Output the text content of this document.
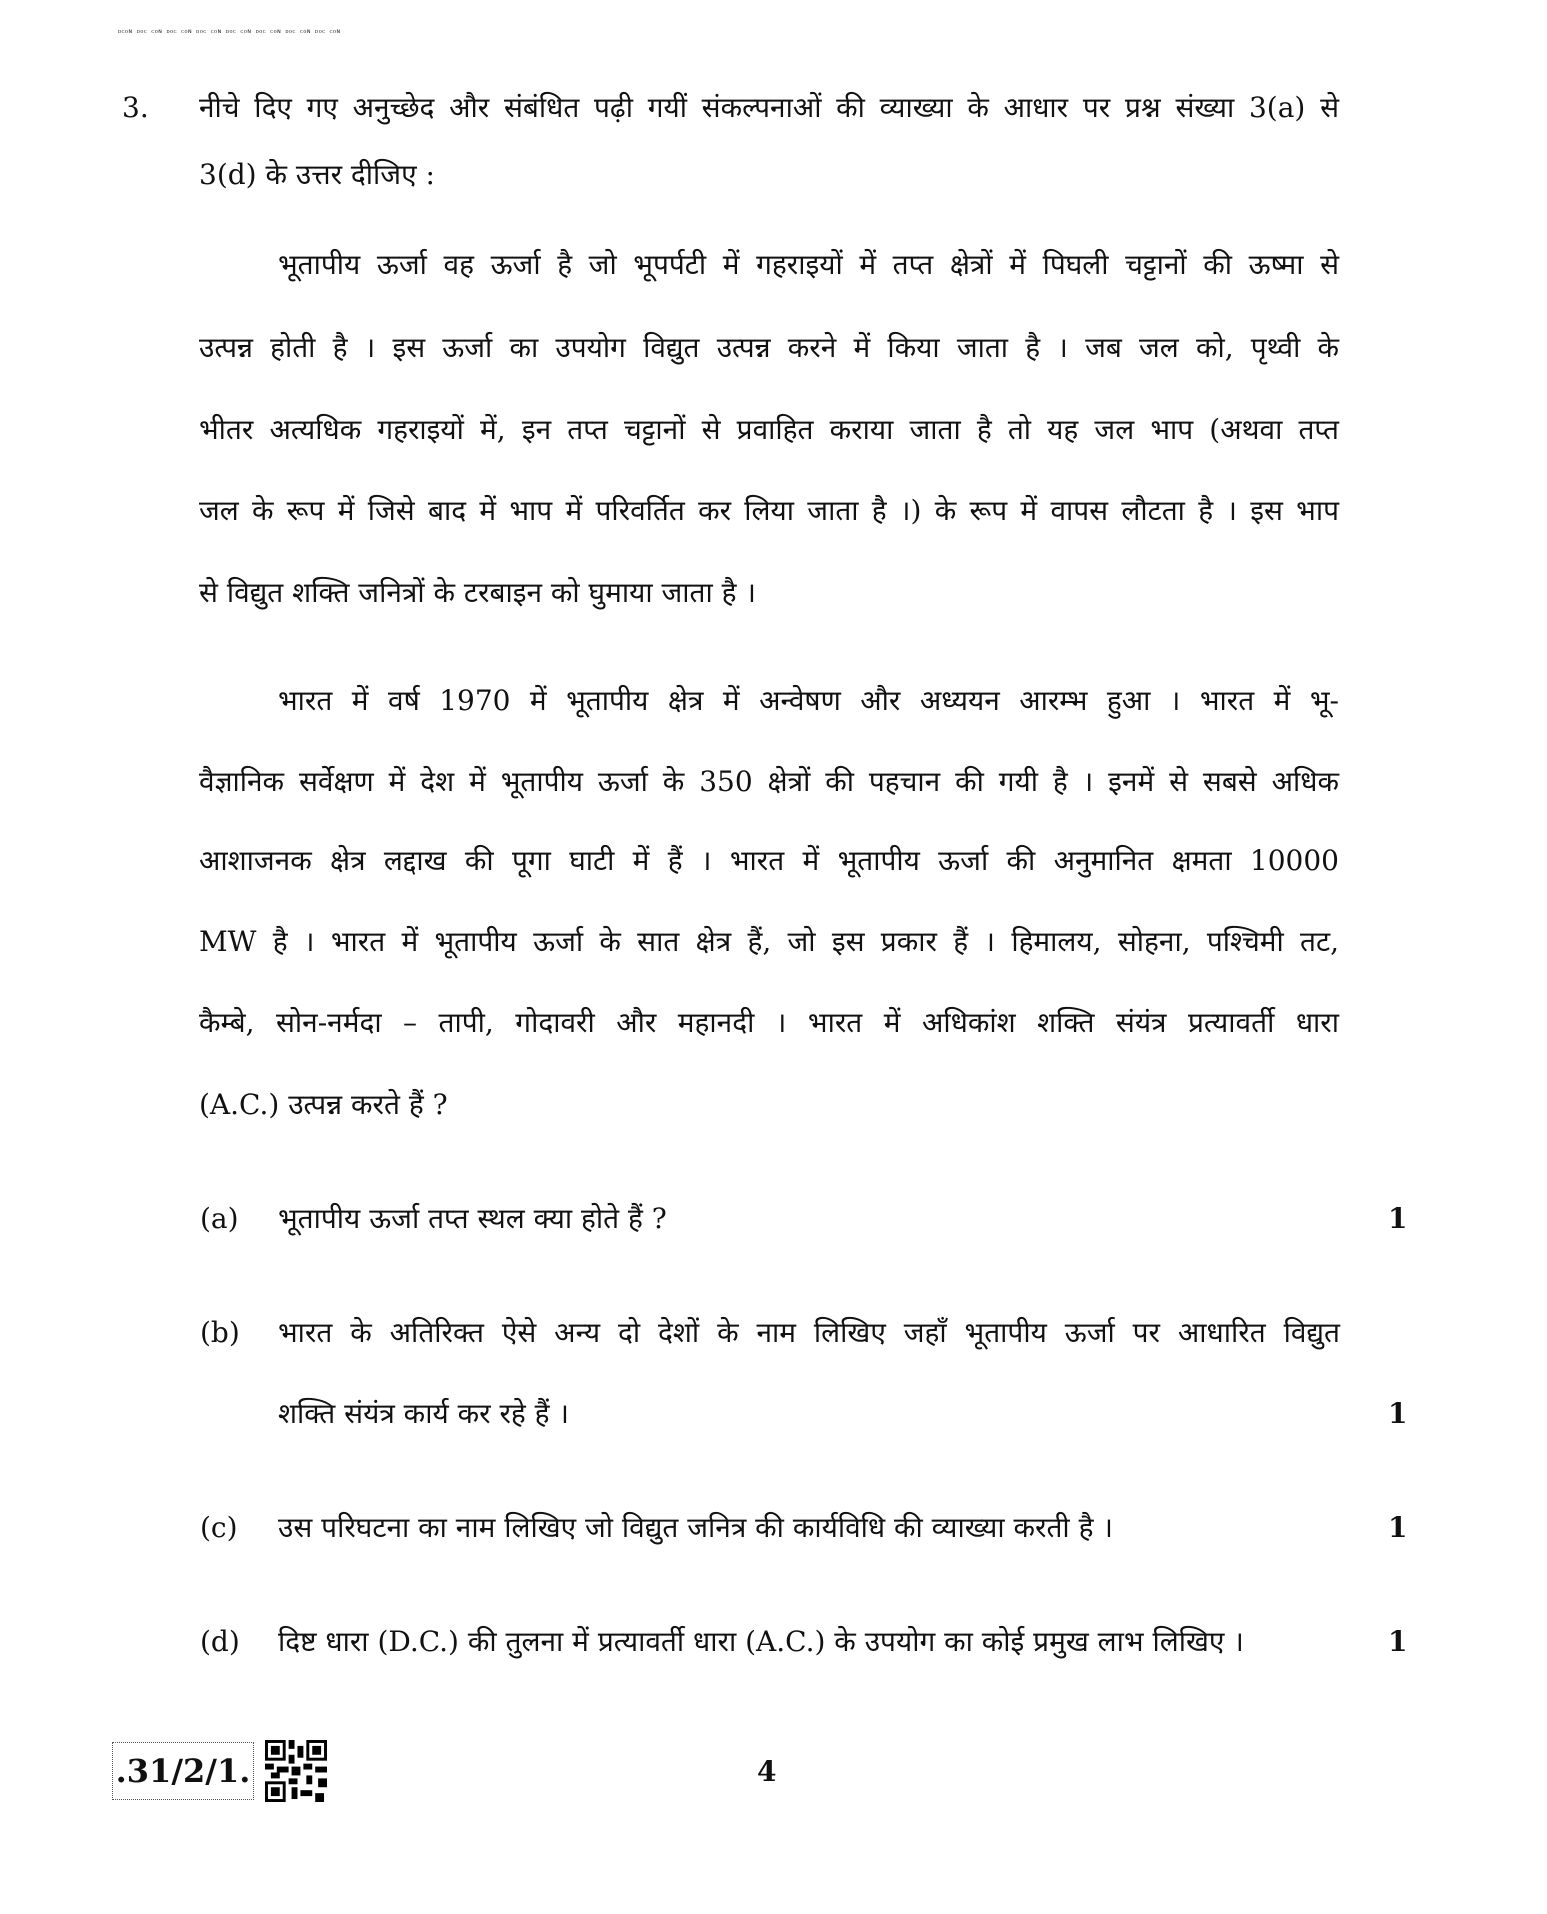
ᴅᴄᴏɴ ᴅᴏᴄ ᴄᴏɴ ᴅᴏᴄ ᴄᴏɴ ᴅᴏᴄ ᴄᴏɴ ᴅᴏᴄ ᴄᴏɴ ᴅᴏᴄ ᴄᴏɴ ᴅᴏᴄ ᴄᴏɴ ᴅᴏᴄ ᴄᴏɴ
3. नीचे दिए गए अनुच्छेद और संबंधित पढ़ी गयीं संकल्पनाओं की व्याख्या के आधार पर प्रश्न संख्या 3(a) से
3(d) के उत्तर दीजिए :
भूतापीय ऊर्जा वह ऊर्जा है जो भूपर्पटी में गहराइयों में तप्त क्षेत्रों में पिघली चट्टानों की ऊष्मा से
उत्पन्न होती है । इस ऊर्जा का उपयोग विद्युत उत्पन्न करने में किया जाता है । जब जल को, पृथ्वी के
भीतर अत्यधिक गहराइयों में, इन तप्त चट्टानों से प्रवाहित कराया जाता है तो यह जल भाप (अथवा तप्त
जल के रूप में जिसे बाद में भाप में परिवर्तित कर लिया जाता है ।) के रूप में वापस लौटता है । इस भाप
से विद्युत शक्ति जनित्रों के टरबाइन को घुमाया जाता है ।
भारत में वर्ष 1970 में भूतापीय क्षेत्र में अन्वेषण और अध्ययन आरम्भ हुआ । भारत में भू-
वैज्ञानिक सर्वेक्षण में देश में भूतापीय ऊर्जा के 350 क्षेत्रों की पहचान की गयी है । इनमें से सबसे अधिक
आशाजनक क्षेत्र लद्दाख की पूगा घाटी में हैं । भारत में भूतापीय ऊर्जा की अनुमानित क्षमता 10000
MW है । भारत में भूतापीय ऊर्जा के सात क्षेत्र हैं, जो इस प्रकार हैं । हिमालय, सोहना, पश्चिमी तट,
कैम्बे, सोन-नर्मदा – तापी, गोदावरी और महानदी । भारत में अधिकांश शक्ति संयंत्र प्रत्यावर्ती धारा
(A.C.) उत्पन्न करते हैं ?
(a) भूतापीय ऊर्जा तप्त स्थल क्या होते हैं ?	1
(b) भारत के अतिरिक्त ऐसे अन्य दो देशों के नाम लिखिए जहाँ भूतापीय ऊर्जा पर आधारित विद्युत
शक्ति संयंत्र कार्य कर रहे हैं ।	1
(c) उस परिघटना का नाम लिखिए जो विद्युत जनित्र की कार्यविधि की व्याख्या करती है ।	1
(d) दिष्ट धारा (D.C.) की तुलना में प्रत्यावर्ती धारा (A.C.) के उपयोग का कोई प्रमुख लाभ लिखिए ।	1
.31/2/1.	4
